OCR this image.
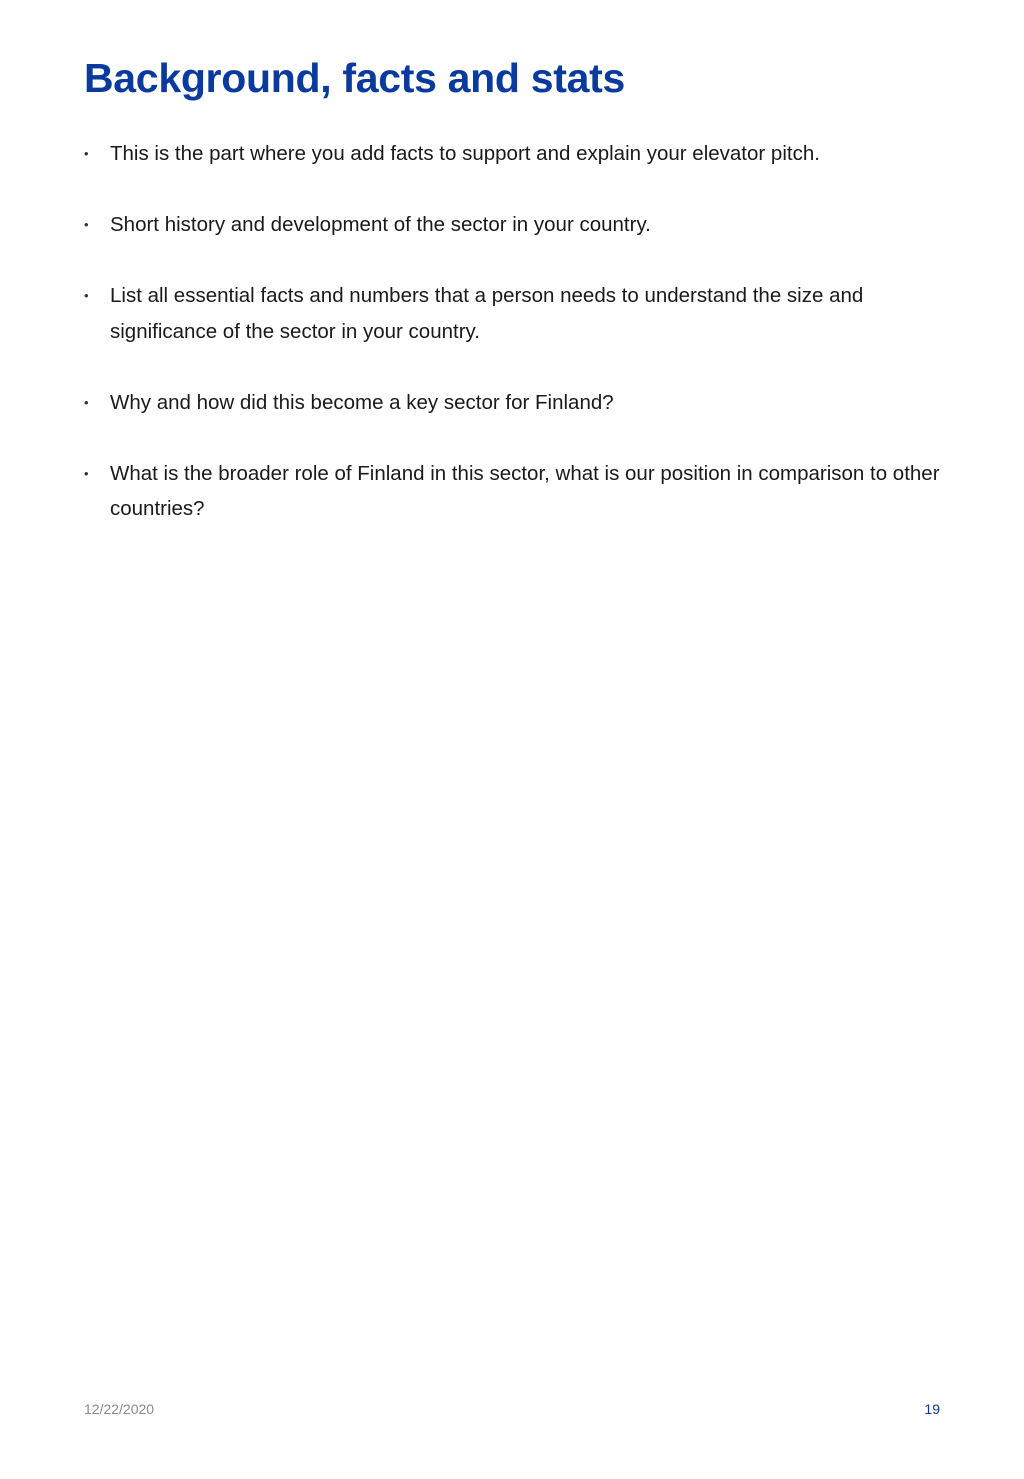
Background, facts and stats
• This is the part where you add facts to support and explain your elevator pitch.
• Short history and development of the sector in your country.
• List all essential facts and numbers that a person needs to understand the size and significance of the sector in your country.
• Why and how did this become a key sector for Finland?
• What is the broader role of Finland in this sector, what is our position in comparison to other countries?
12/22/2020	19
